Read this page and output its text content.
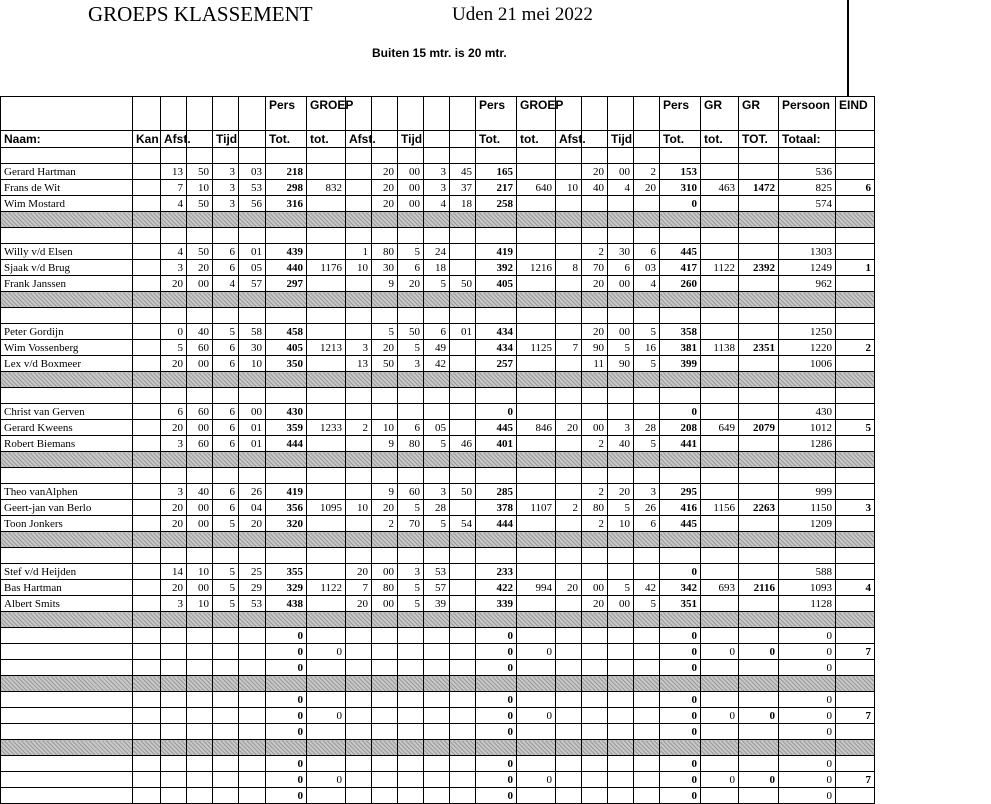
GROEPS KLASSEMENT	Uden 21 mei 2022
Buiten 15 mtr. is 20 mtr.
								Pers	GROEP						Pers	GROEP						Pers	GR	GR	Persoon	EIND
Naam:	Kan	Afst.		Tijd				Tot.	tot.	Afst.		Tijd			Tot.	tot.	Afst.		Tijd			Tot.	tot.	TOT.	Totaal:	

Gerard Hartman		13	50	3	03			218			20	00	3	45	165			20	00	2		153			536	
Frans de Wit		7	10	3	53			298	832		20	00	3	37	217	640	10	40	4	20		310	463	1472	825	6
Wim Mostard		4	50	3	56			316			20	00	4	18	258							0			574	

Willy v/d Elsen		4	50	6	01			439		1	80	5	24		419			2	30	6		445			1303	
Sjaak v/d Brug		3	20	6	05			440	1176	10	30	6	18		392	1216	8	70	6	03		417	1122	2392	1249	1
Frank Janssen		20	00	4	57			297			9	20	5	50	405			20	00	4		260			962	

Peter Gordijn		0	40	5	58			458			5	50	6	01	434			20	00	5		358			1250	
Wim Vossenberg		5	60	6	30			405	1213	3	20	5	49		434	1125	7	90	5	16		381	1138	2351	1220	2
Lex v/d Boxmeer		20	00	6	10			350		13	50	3	42		257			11	90	5		399			1006	

Christ van Gerven		6	60	6	00			430							0							0			430	
Gerard Kweens		20	00	6	01			359	1233	2	10	6	05		445	846	20	00	3	28		208	649	2079	1012	5
Robert Biemans		3	60	6	01			444			9	80	5	46	401			2	40	5		441			1286	

Theo vanAlphen		3	40	6	26			419			9	60	3	50	285			2	20	3		295			999	
Geert-jan van Berlo		20	00	6	04			356	1095	10	20	5	28		378	1107	2	80	5	26		416	1156	2263	1150	3
Toon Jonkers		20	00	5	20			320			2	70	5	54	444			2	10	6		445			1209	

Stef v/d Heijden		14	10	5	25			355		20	00	3	53		233							0			588	
Bas Hartman		20	00	5	29			329	1122	7	80	5	57		422	994	20	00	5	42		342	693	2116	1093	4
Albert Smits		3	10	5	53			438		20	00	5	39		339			20	00	5		351			1128	

								0							0							0			0	
								0	0						0	0						0	0	0	0	7
								0							0							0			0	

								0							0							0			0	
								0	0						0	0						0	0	0	0	7
								0							0							0			0	

								0							0							0			0	
								0	0						0	0						0	0	0	0	7
								0							0							0			0	
